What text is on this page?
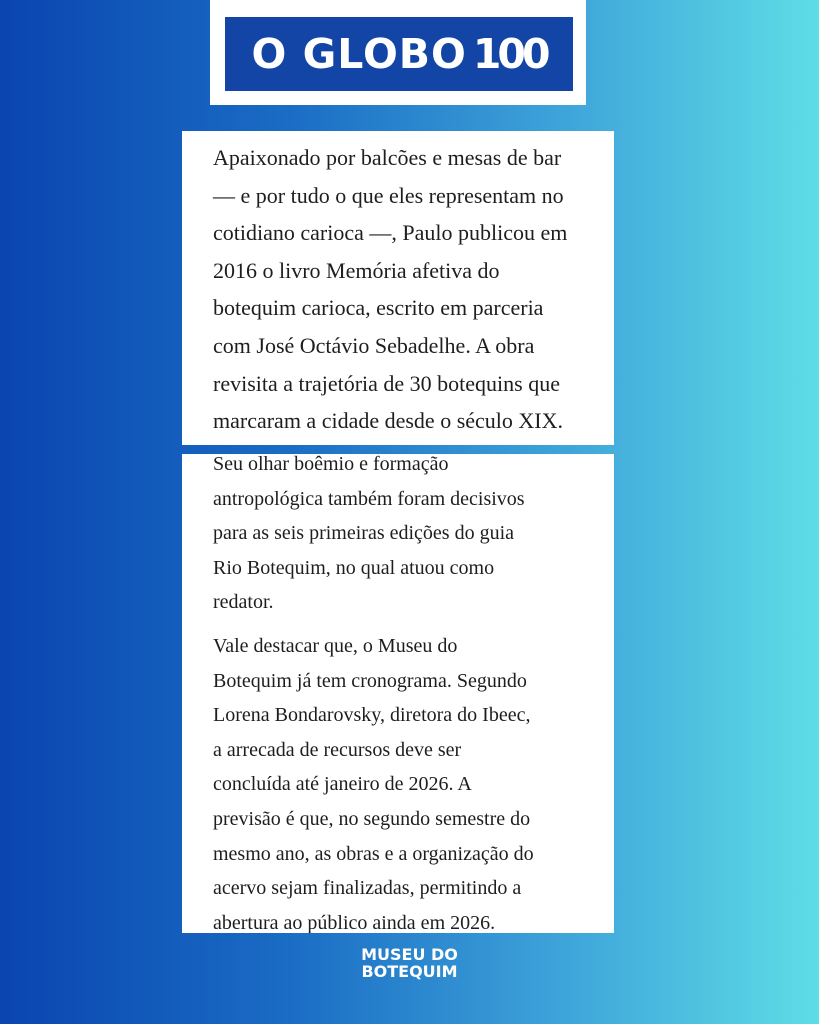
O GLOBO 100

Apaixonado por balcões e mesas de bar

— e por tudo o que eles representam no

cotidiano carioca —, Paulo publicou em

2016 o livro Memória afetiva do

botequim carioca, escrito em parceria

com José Octávio Sebadelhe. A obra

revisita a trajetória de 30 botequins que

marcaram a cidade desde o século XIX.

Seu olhar boêmio e formação

antropológica também foram decisivos

para as seis primeiras edições do guia

Rio Botequim, no qual atuou como

redator.

Vale destacar que, o Museu do

Botequim já tem cronograma. Segundo

Lorena Bondarovsky, diretora do Ibeec,

a arrecada de recursos deve ser

concluída até janeiro de 2026. A

previsão é que, no segundo semestre do

mesmo ano, as obras e a organização do

acervo sejam finalizadas, permitindo a

abertura ao público ainda em 2026.

MUSEU DO
BOTEQUIM
